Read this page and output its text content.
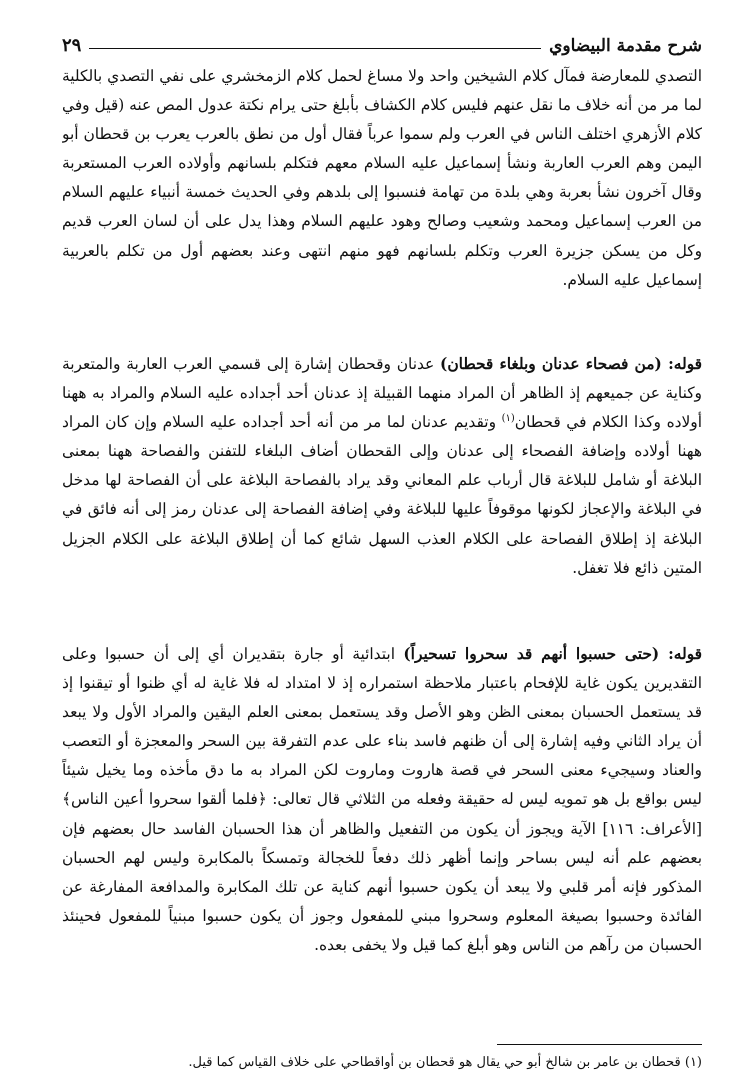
شرح مقدمة البيضاوي
٢٩

التصدي للمعارضة فمآل كلام الشيخين واحد ولا مساغ لحمل كلام الزمخشري على نفي التصدي بالكلية لما مر من أنه خلاف ما نقل عنهم فليس كلام الكشاف بأبلغ حتى يرام نكتة عدول المص عنه (قيل وفي كلام الأزهري اختلف الناس في العرب ولم سموا عرباً فقال أول من نطق بالعرب يعرب بن قحطان أبو اليمن وهم العرب العاربة ونشأ إسماعيل عليه السلام معهم فتكلم بلسانهم وأولاده العرب المستعربة وقال آخرون نشأ بعربة وهي بلدة من تهامة فنسبوا إلى بلدهم وفي الحديث خمسة أنبياء عليهم السلام من العرب إسماعيل ومحمد وشعيب وصالح وهود عليهم السلام وهذا يدل على أن لسان العرب قديم وكل من يسكن جزيرة العرب وتكلم بلسانهم فهو منهم انتهى وعند بعضهم أول من تكلم بالعربية إسماعيل عليه السلام.

قوله: (من فصحاء عدنان وبلغاء قحطان) عدنان وقحطان إشارة إلى قسمي العرب العاربة والمتعربة وكناية عن جميعهم إذ الظاهر أن المراد منهما القبيلة إذ عدنان أحد أجداده عليه السلام والمراد به ههنا أولاده وكذا الكلام في قحطان$^{(١)}$ وتقديم عدنان لما مر من أنه أحد أجداده عليه السلام وإن كان المراد ههنا أولاده وإضافة الفصحاء إلى عدنان وإلى القحطان أضاف البلغاء للتفنن والفصاحة ههنا بمعنى البلاغة أو شامل للبلاغة قال أرباب علم المعاني وقد يراد بالفصاحة البلاغة على أن الفصاحة لها مدخل في البلاغة والإعجاز لكونها موقوفاً عليها للبلاغة وفي إضافة الفصاحة إلى عدنان رمز إلى أنه فائق في البلاغة إذ إطلاق الفصاحة على الكلام العذب السهل شائع كما أن إطلاق البلاغة على الكلام الجزيل المتين ذائع فلا تغفل.

قوله: (حتى حسبوا أنهم قد سحروا تسحيراً) ابتدائية أو جارة بتقديران أي إلى أن حسبوا وعلى التقديرين يكون غاية للإفحام باعتبار ملاحظة استمراره إذ لا امتداد له فلا غاية له أي ظنوا أو تيقنوا إذ قد يستعمل الحسبان بمعنى الظن وهو الأصل وقد يستعمل بمعنى العلم اليقين والمراد الأول ولا يبعد أن يراد الثاني وفيه إشارة إلى أن ظنهم فاسد بناء على عدم التفرقة بين السحر والمعجزة أو التعصب والعناد وسيجيء معنى السحر في قصة هاروت وماروت لكن المراد به ما دق مأخذه وما يخيل شيئاً ليس بواقع بل هو تمويه ليس له حقيقة وفعله من الثلاثي قال تعالى: ﴿فلما ألقوا سحروا أعين الناس﴾ [الأعراف: ١١٦] الآية ويجوز أن يكون من التفعيل والظاهر أن هذا الحسبان الفاسد حال بعضهم فإن بعضهم علم أنه ليس بساحر وإنما أظهر ذلك دفعاً للخجالة وتمسكاً بالمكابرة وليس لهم الحسبان المذكور فإنه أمر قلبي ولا يبعد أن يكون حسبوا أنهم كناية عن تلك المكابرة والمدافعة المفارغة عن الفائدة وحسبوا بصيغة المعلوم وسحروا مبني للمفعول وجوز أن يكون حسبوا مبنياً للمفعول فحينئذ الحسبان من رآهم من الناس وهو أبلغ كما قيل ولا يخفى بعده.

(١) قحطان بن عامر بن شالخ أبو حي يقال هو قحطان بن أواقطاحي على خلاف القياس كما قيل.
